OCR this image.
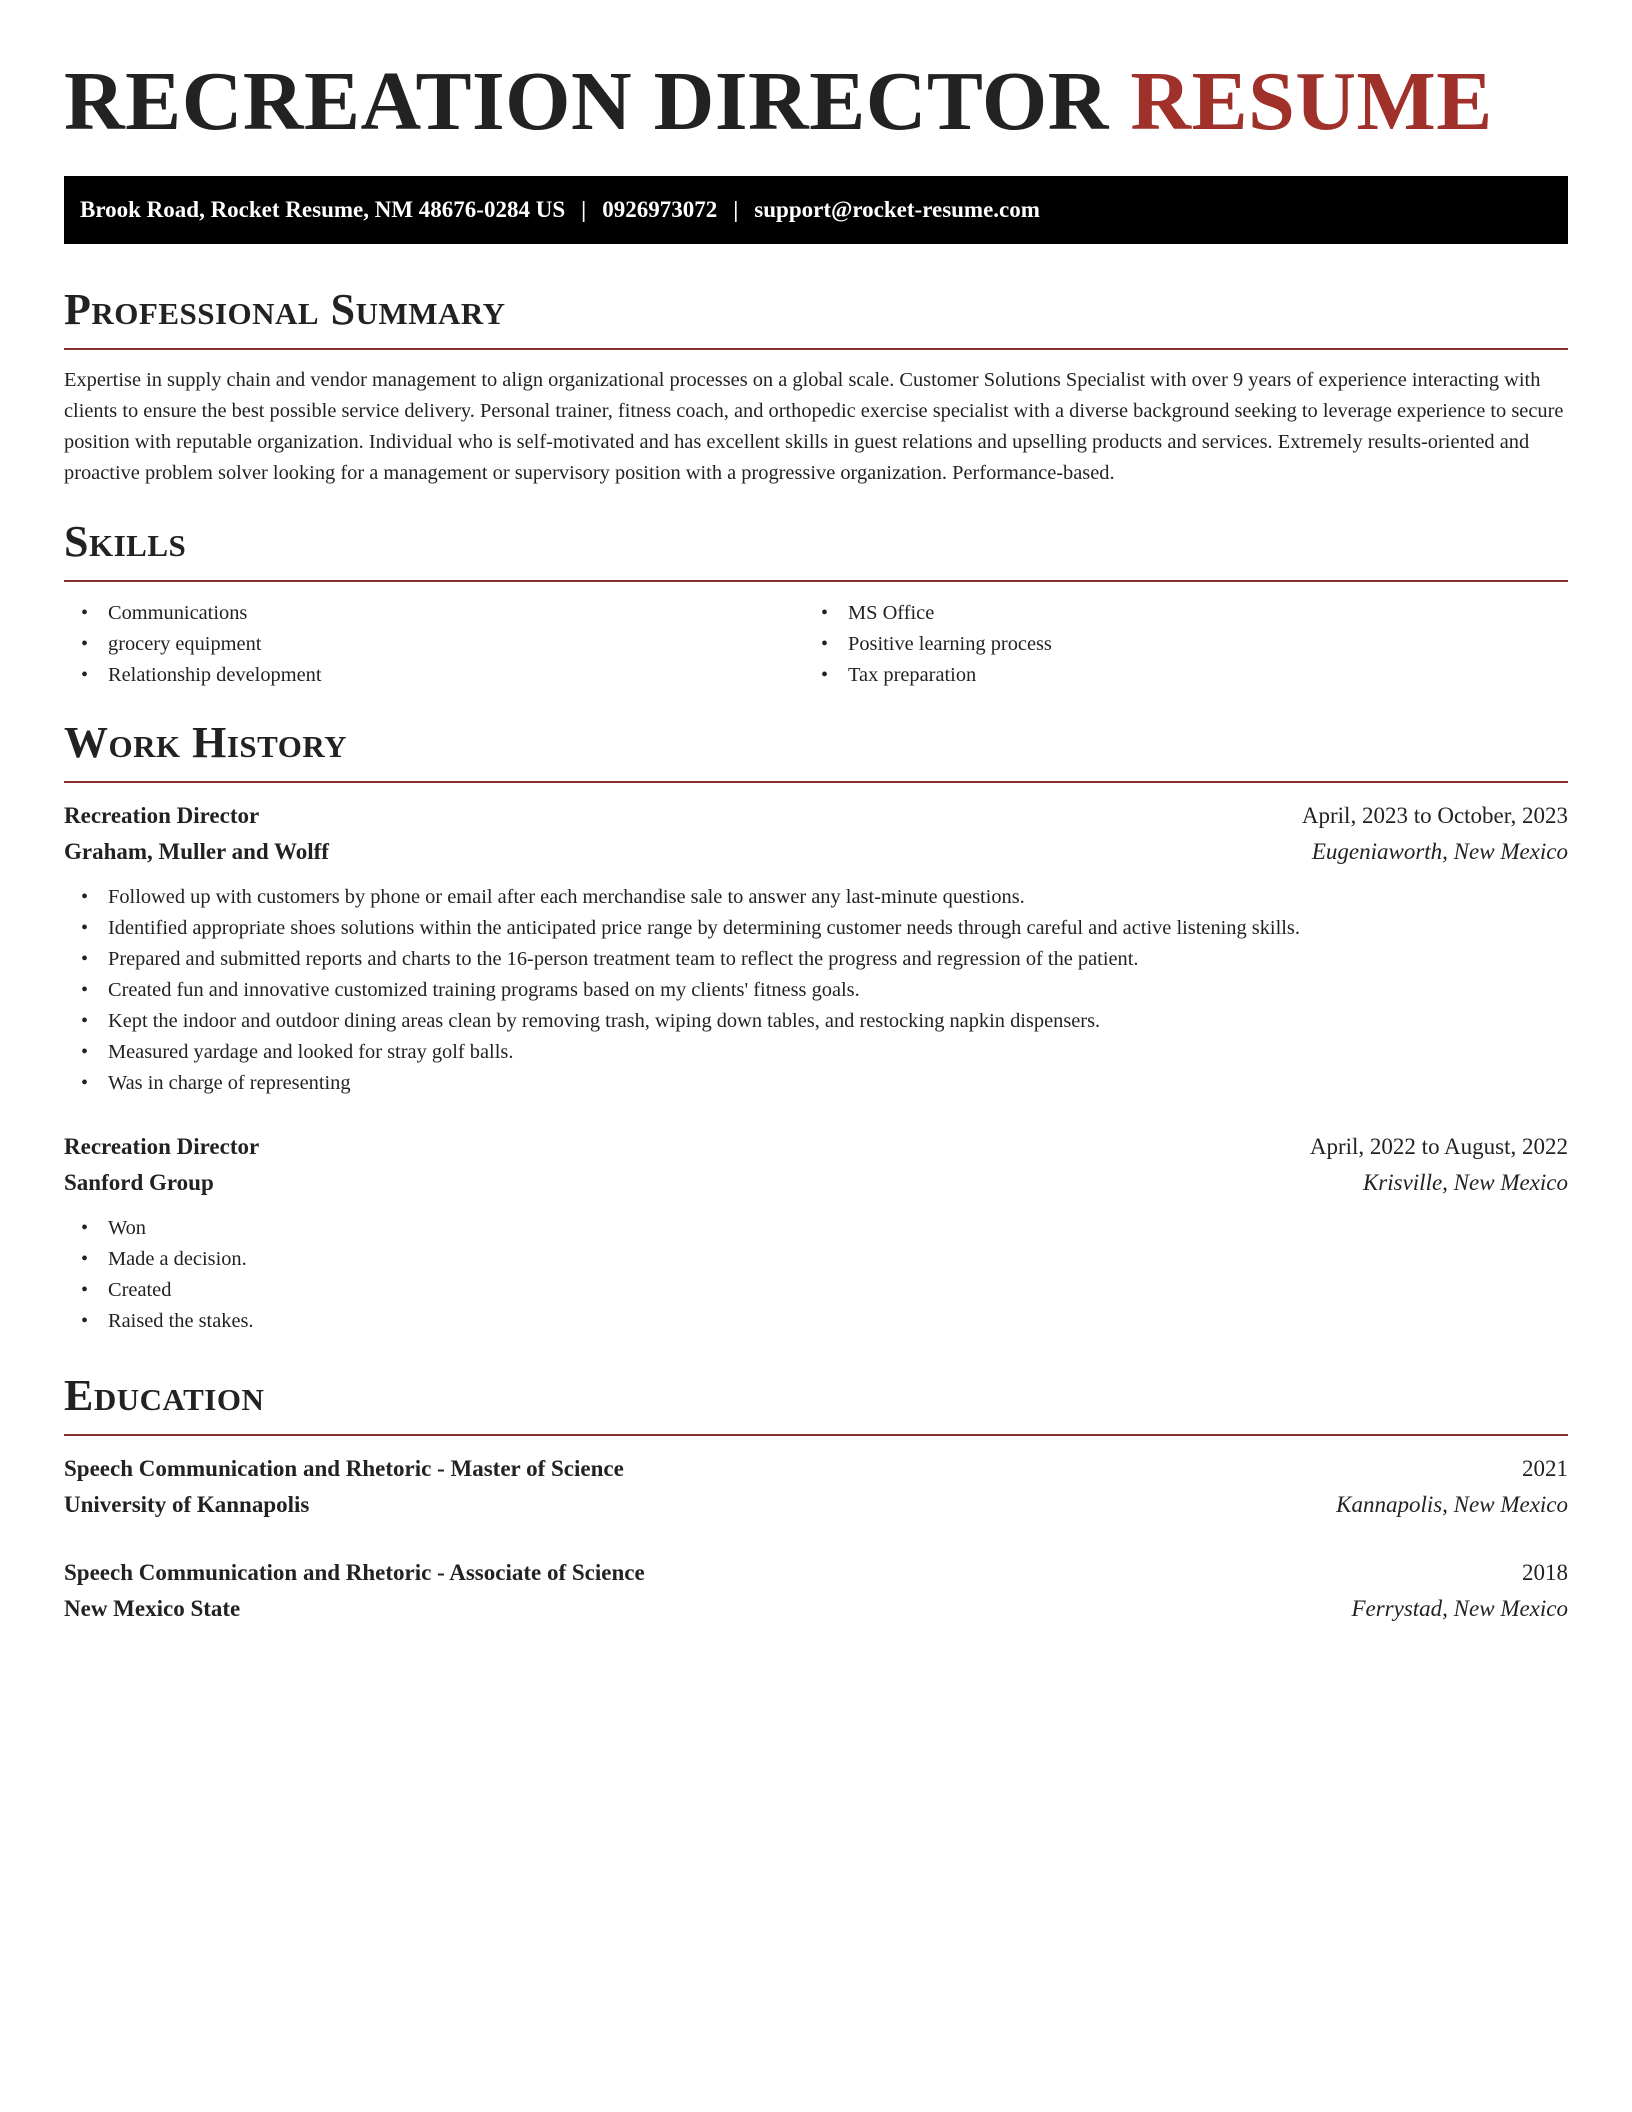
RECREATION DIRECTOR RESUME
Brook Road, Rocket Resume, NM 48676-0284 US | 0926973072 | support@rocket-resume.com
Professional Summary

Expertise in supply chain and vendor management to align organizational processes on a global scale. Customer Solutions Specialist with over 9 years of experience interacting with clients to ensure the best possible service delivery. Personal trainer, fitness coach, and orthopedic exercise specialist with a diverse background seeking to leverage experience to secure position with reputable organization. Individual who is self-motivated and has excellent skills in guest relations and upselling products and services. Extremely results-oriented and proactive problem solver looking for a management or supervisory position with a progressive organization. Performance-based.

Skills
• Communications
• grocery equipment
• Relationship development
• MS Office
• Positive learning process
• Tax preparation
Work History
Recreation Director	April, 2023 to October, 2023
Graham, Muller and Wolff	Eugeniaworth, New Mexico
• Followed up with customers by phone or email after each merchandise sale to answer any last-minute questions.
• Identified appropriate shoes solutions within the anticipated price range by determining customer needs through careful and active listening skills.
• Prepared and submitted reports and charts to the 16-person treatment team to reflect the progress and regression of the patient.
• Created fun and innovative customized training programs based on my clients' fitness goals.
• Kept the indoor and outdoor dining areas clean by removing trash, wiping down tables, and restocking napkin dispensers.
• Measured yardage and looked for stray golf balls.
• Was in charge of representing
Recreation Director	April, 2022 to August, 2022
Sanford Group	Krisville, New Mexico
• Won
• Made a decision.
• Created
• Raised the stakes.
Education
Speech Communication and Rhetoric - Master of Science	2021
University of Kannapolis	Kannapolis, New Mexico
Speech Communication and Rhetoric - Associate of Science	2018
New Mexico State	Ferrystad, New Mexico
